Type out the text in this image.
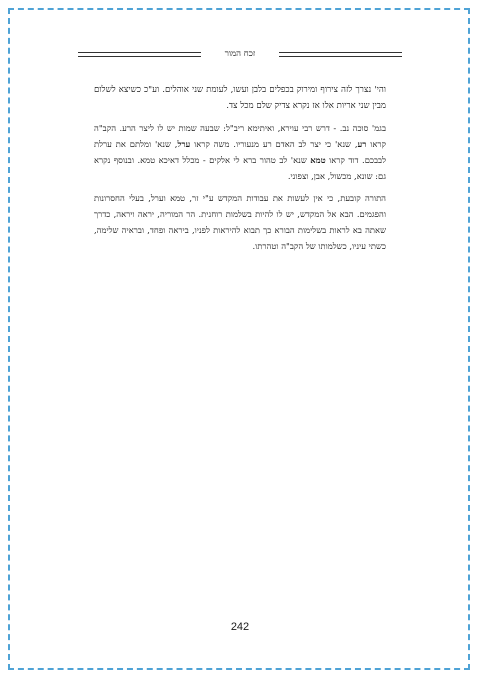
זכח המור

והי' נצרך לזה צירוף ומירוק בכפלים בלבן ועשו, לעומת שני אוהלים. וע"כ כשיצא לשלום מבין שני אריות אלו אז נקרא צדיק שלם מכל צד.

בגמ' סוכה נב. - דרש רבי עוירא, ואיתימא ריב"ל: שבעה שמות יש לו ליצר הרע. הקב"ה קראו רע, שנא' כי יצר לב האדם רע מנעוריו. משה קראו ערל, שנא' ומלתם את ערלת לבבכם. דוד קראו טמא שנא' לב טהור ברא לי אלקים - מכלל דאיכא טמא. ובנוסף נקרא גם: שונא, מכשול, אבן, וצפוני.

התורה קובעת, כי אין לעשות את עבודות המקדש ע"י זר, טמא וערל, בעלי החסרונות והפגמים. הבא אל המקדש, יש לו להיות בשלמות רוחנית. הר המוריה, יראה ויראה, כדרך שאתה בא לראות בשלימות הבורא כך תבוא להיראות לפניו, ביראה ופחד, ובראיה שלימה, כשתי עיניו, כשלמותו של הקב"ה וטהרתו.

242
